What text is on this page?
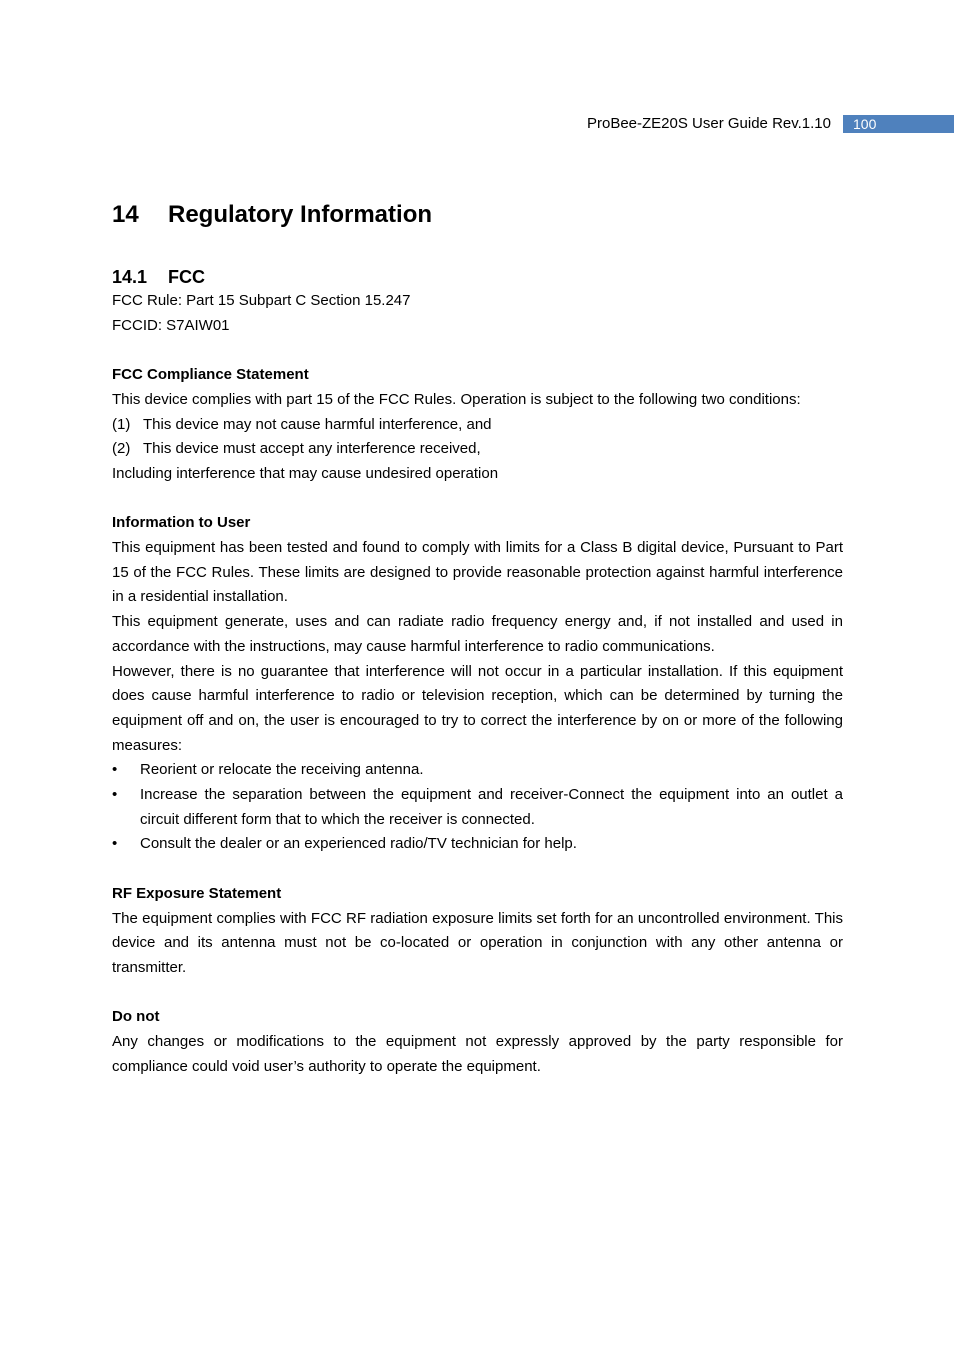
ProBee-ZE20S User Guide Rev.1.10	100
14 Regulatory Information
14.1 FCC

FCC Rule: Part 15 Subpart C Section 15.247

FCCID: S7AIW01

FCC Compliance Statement

This device complies with part 15 of the FCC Rules. Operation is subject to the following two conditions:

(1) This device may not cause harmful interference, and
(2) This device must accept any interference received,

Including interference that may cause undesired operation

Information to User

This equipment has been tested and found to comply with limits for a Class B digital device, Pursuant to Part 15 of the FCC Rules. These limits are designed to provide reasonable protection against harmful interference in a residential installation.

This equipment generate, uses and can radiate radio frequency energy and, if not installed and used in accordance with the instructions, may cause harmful interference to radio communications.

However, there is no guarantee that interference will not occur in a particular installation. If this equipment does cause harmful interference to radio or television reception, which can be determined by turning the equipment off and on, the user is encouraged to try to correct the interference by on or more of the following measures:

•	Reorient or relocate the receiving antenna.
•	Increase the separation between the equipment and receiver-Connect the equipment into an outlet a circuit different form that to which the receiver is connected.
•	Consult the dealer or an experienced radio/TV technician for help.

RF Exposure Statement

The equipment complies with FCC RF radiation exposure limits set forth for an uncontrolled environment. This device and its antenna must not be co-located or operation in conjunction with any other antenna or transmitter.

Do not

Any changes or modifications to the equipment not expressly approved by the party responsible for compliance could void user’s authority to operate the equipment.
